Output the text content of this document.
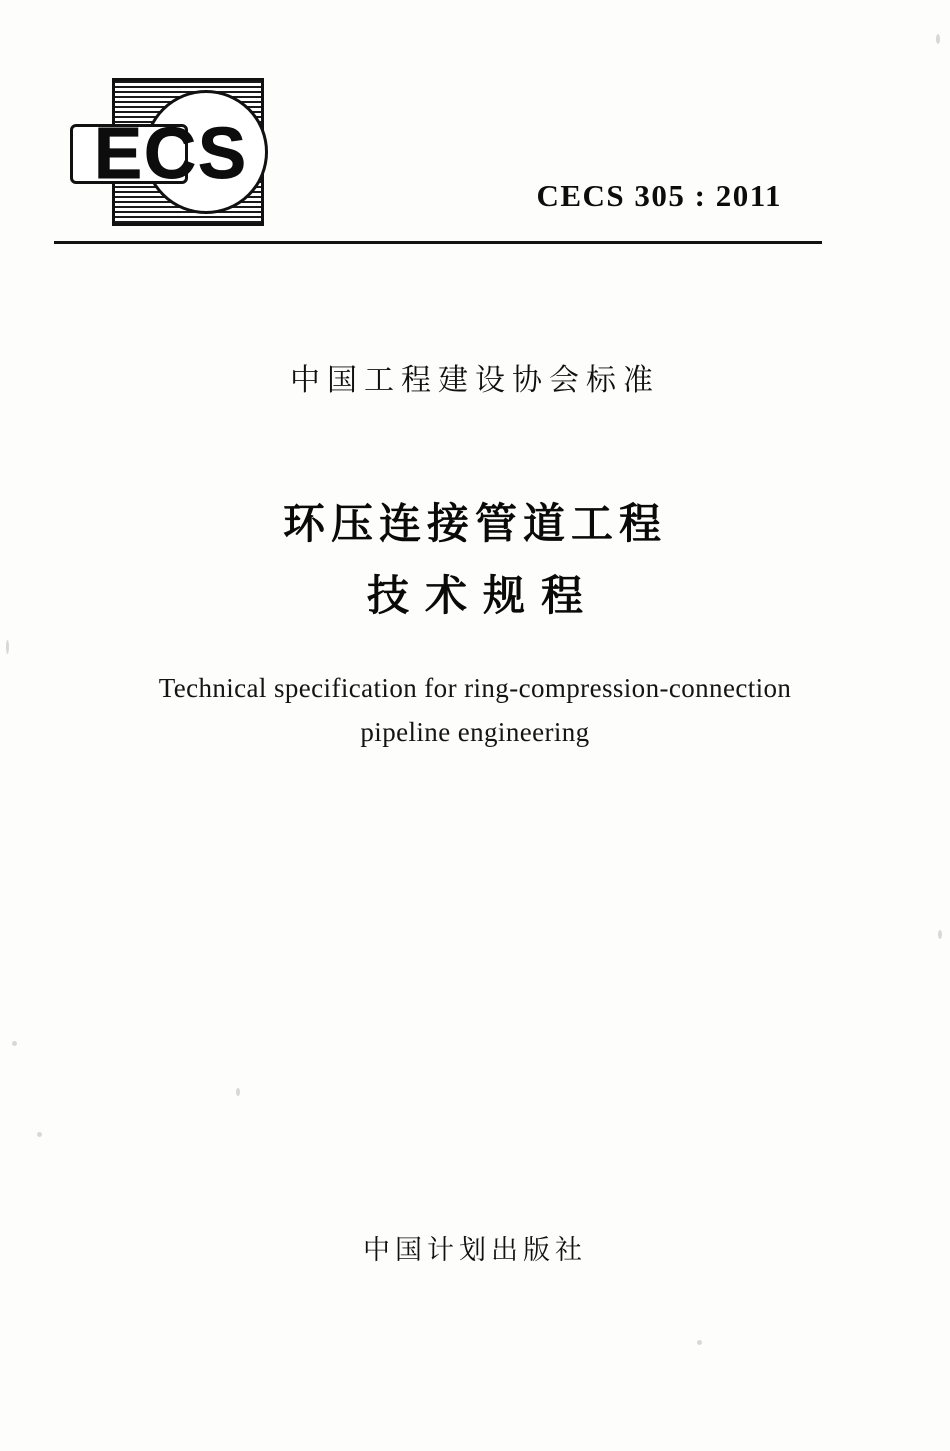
ECS
CECS 305 : 2011
中国工程建设协会标准
环压连接管道工程
技术规程
Technical specification for ring-compression-connection
pipeline engineering
中国计划出版社
